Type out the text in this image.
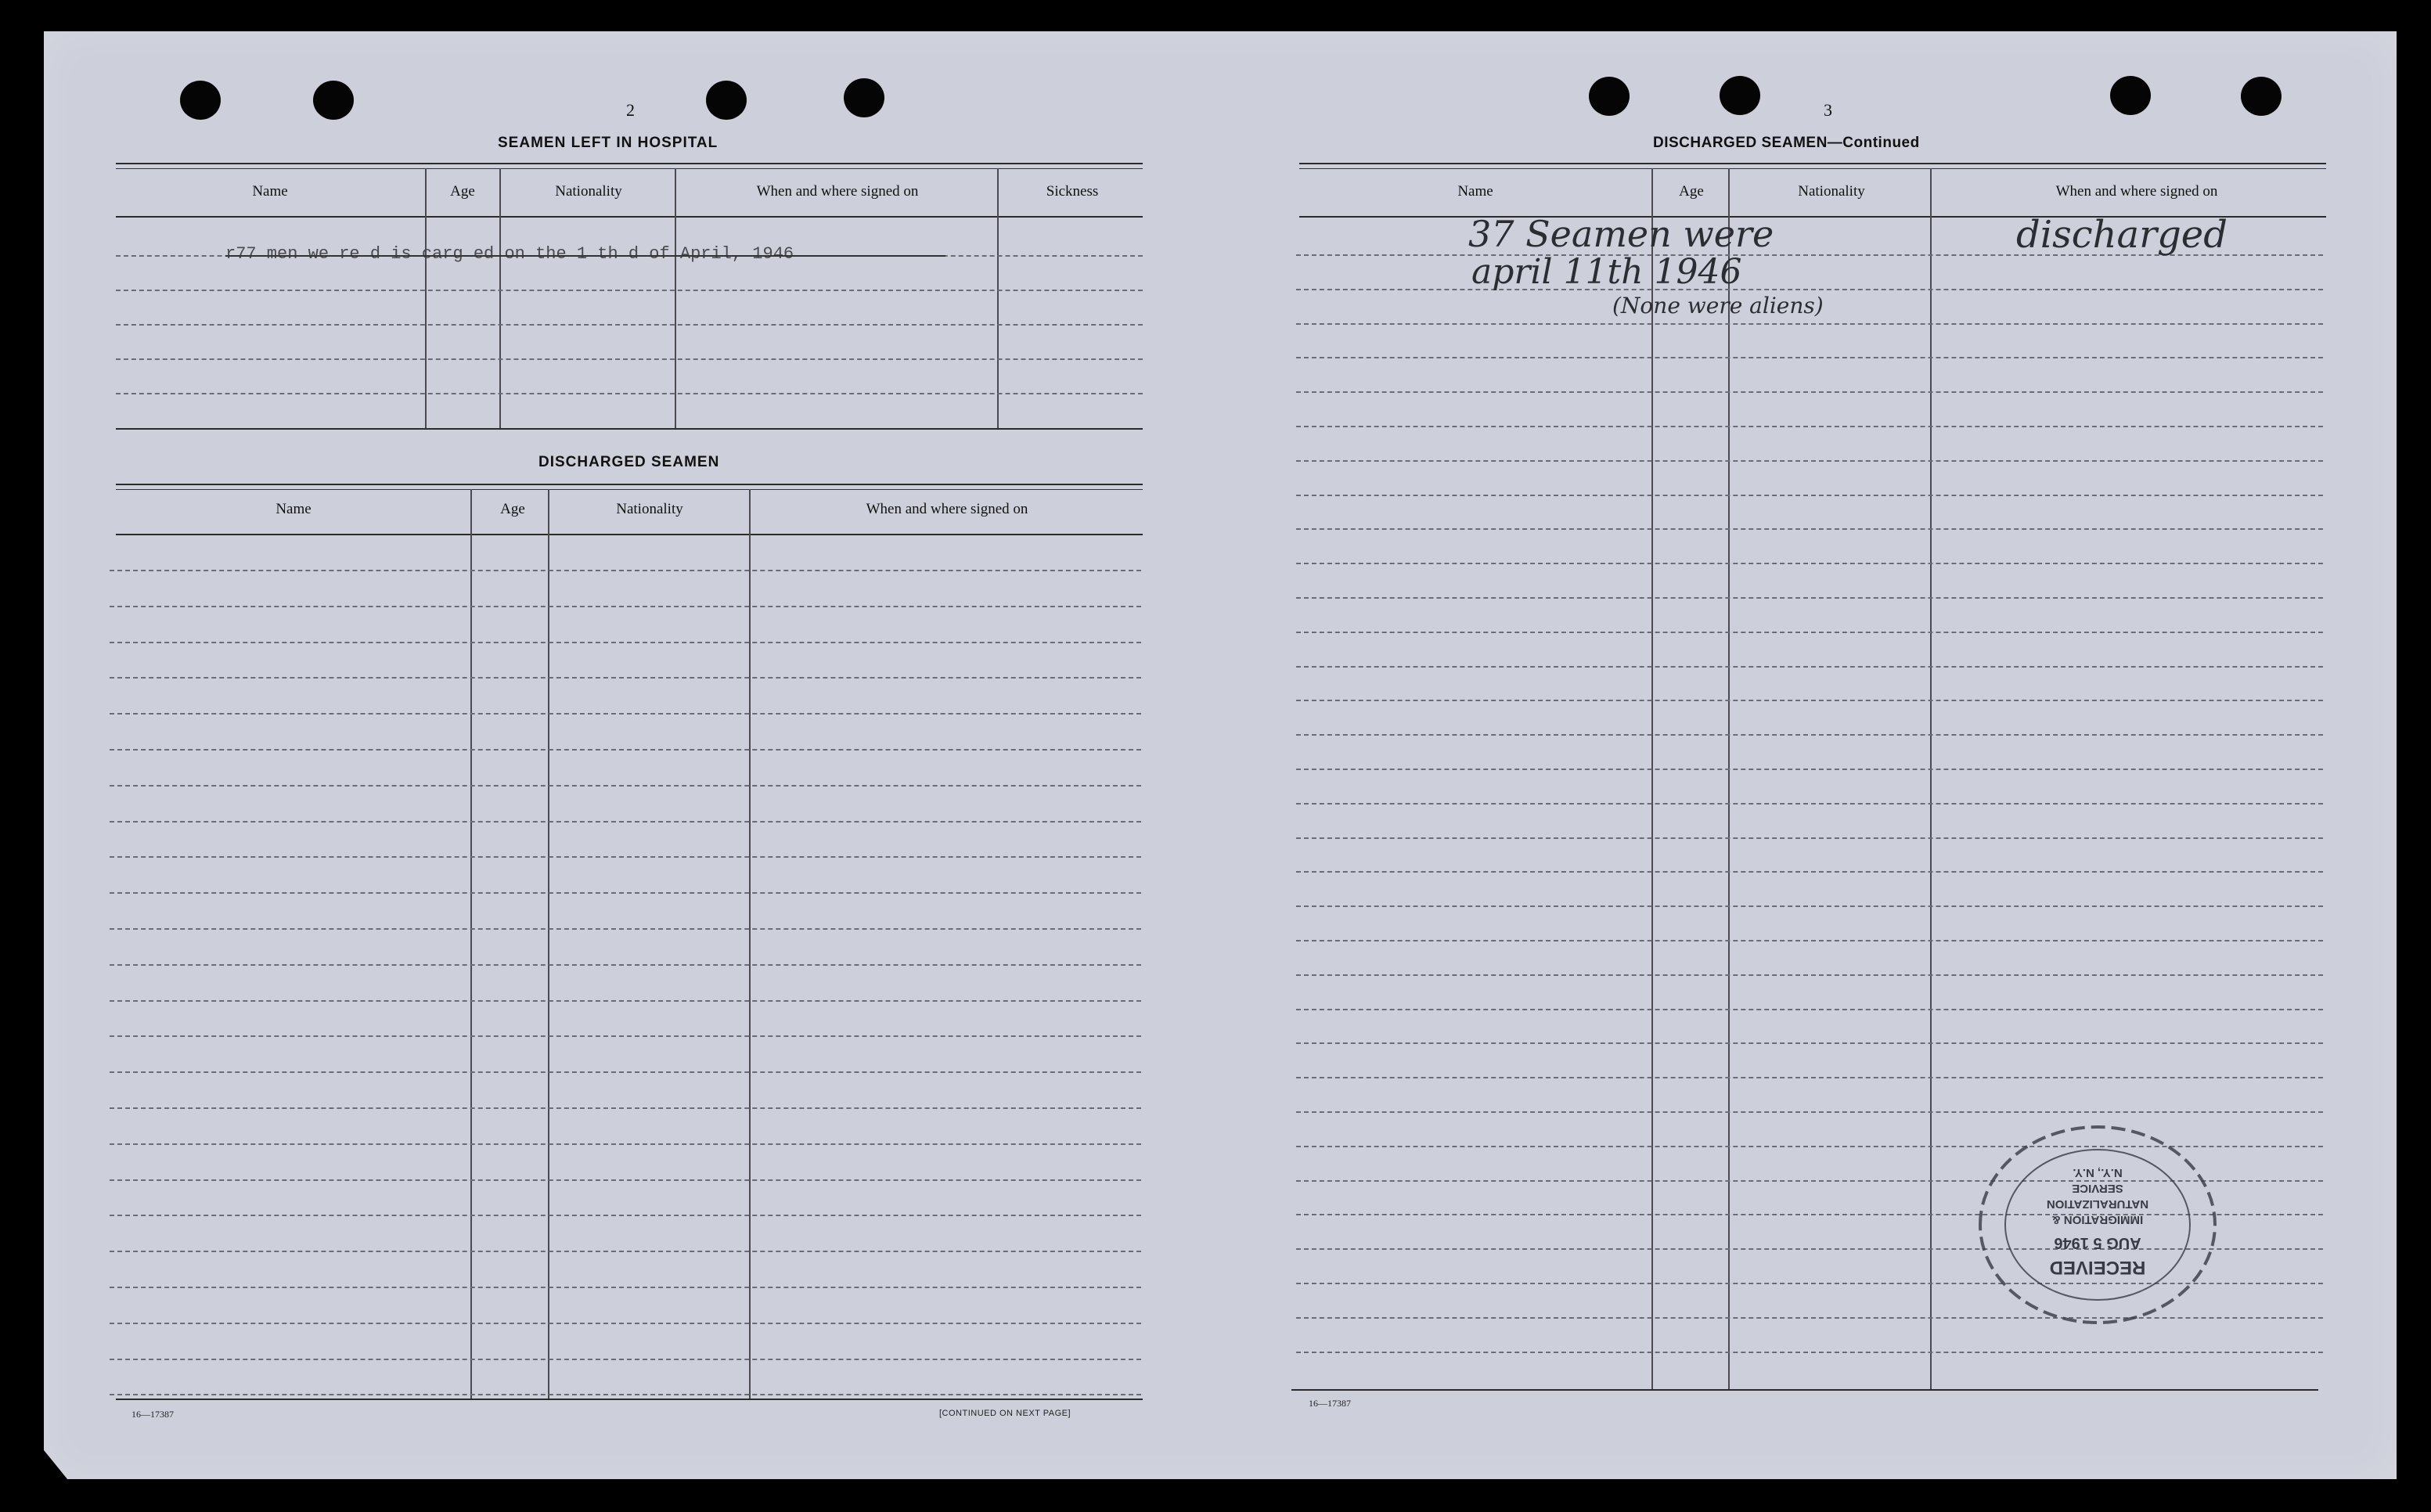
2
SEAMEN LEFT IN HOSPITAL
Name	Age	Nationality	When and where signed on	Sickness
r77 men we re d is carg ed on the 1 th d of April, 1946
DISCHARGED SEAMEN
Name	Age	Nationality	When and where signed on
16—17387	[CONTINUED ON NEXT PAGE]
3
DISCHARGED SEAMEN—Continued
Name	Age	Nationality	When and where signed on
16—17387
37 Seamen were	discharged
april 11th 1946
(None were aliens)
RECEIVED
AUG 5 1946
IMMIGRATION &
NATURALIZATION
SERVICE
N.Y., N.Y.
